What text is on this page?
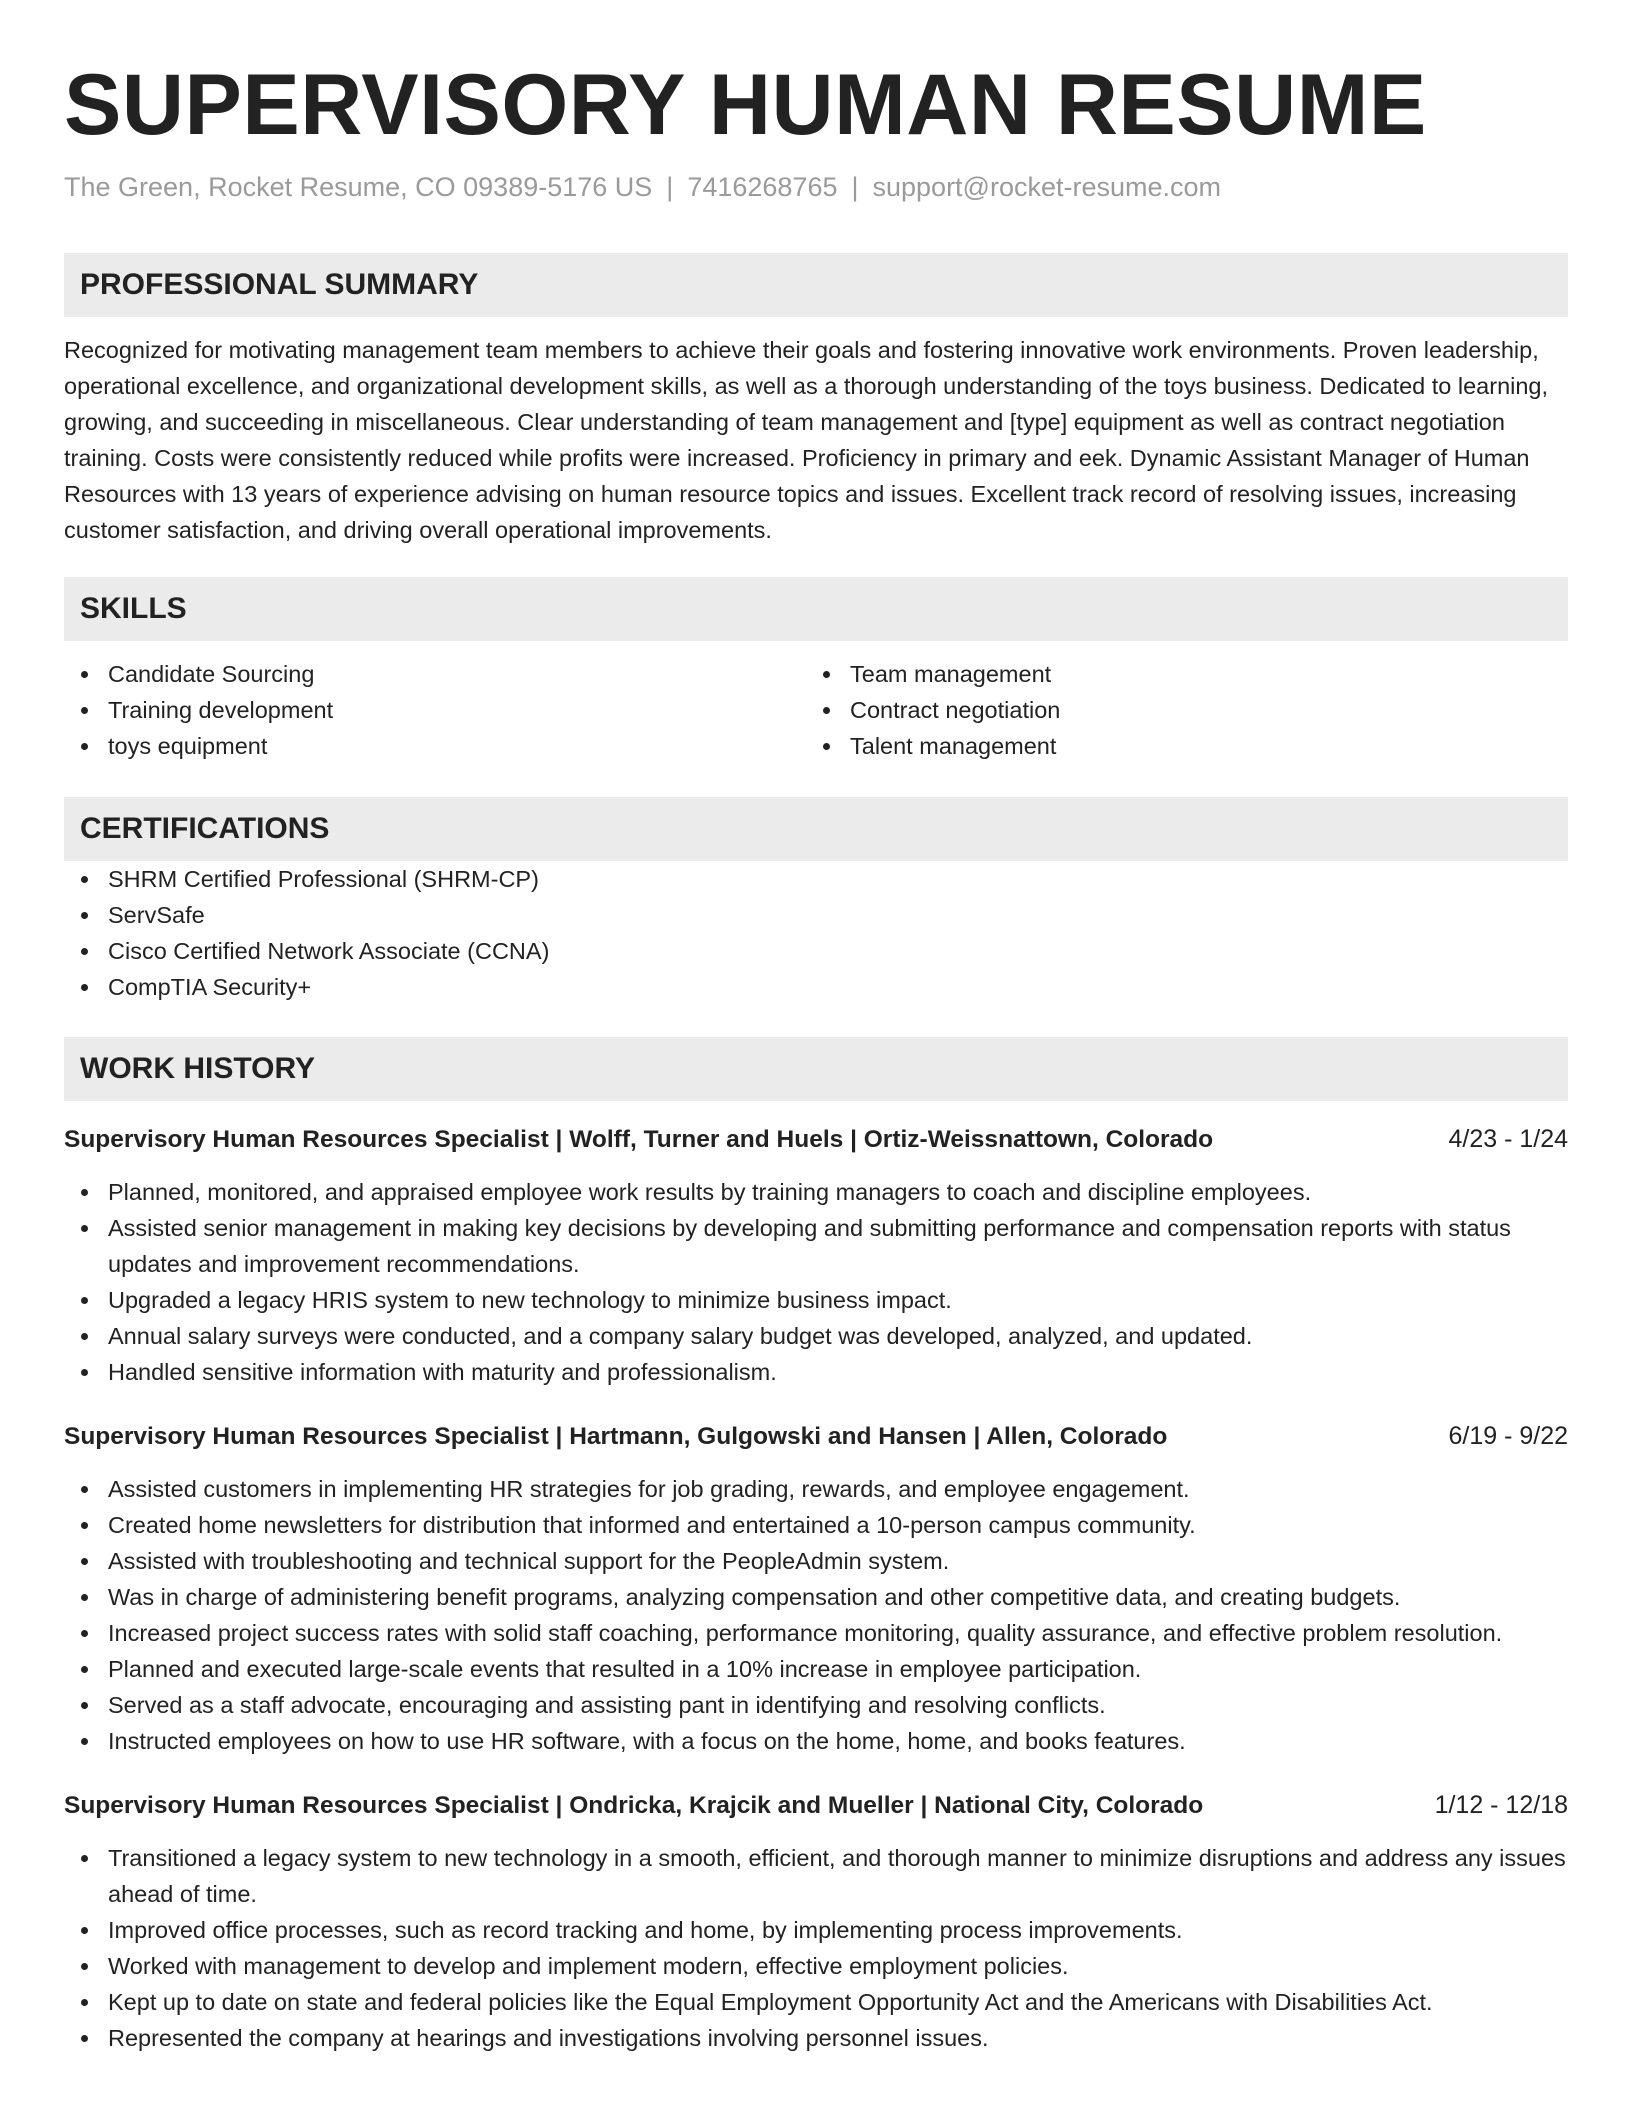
SUPERVISORY HUMAN RESUME
The Green, Rocket Resume, CO 09389-5176 US | 7416268765 | support@rocket-resume.com
PROFESSIONAL SUMMARY

Recognized for motivating management team members to achieve their goals and fostering innovative work environments. Proven leadership, operational excellence, and organizational development skills, as well as a thorough understanding of the toys business. Dedicated to learning, growing, and succeeding in miscellaneous. Clear understanding of team management and [type] equipment as well as contract negotiation training. Costs were consistently reduced while profits were increased. Proficiency in primary and eek. Dynamic Assistant Manager of Human Resources with 13 years of experience advising on human resource topics and issues. Excellent track record of resolving issues, increasing customer satisfaction, and driving overall operational improvements.

SKILLS
Candidate Sourcing
Training development
toys equipment
Team management
Contract negotiation
Talent management
CERTIFICATIONS
SHRM Certified Professional (SHRM-CP)
ServSafe
Cisco Certified Network Associate (CCNA)
CompTIA Security+
WORK HISTORY
Supervisory Human Resources Specialist | Wolff, Turner and Huels | Ortiz-Weissnattown, Colorado	4/23 - 1/24
Planned, monitored, and appraised employee work results by training managers to coach and discipline employees.
Assisted senior management in making key decisions by developing and submitting performance and compensation reports with status updates and improvement recommendations.
Upgraded a legacy HRIS system to new technology to minimize business impact.
Annual salary surveys were conducted, and a company salary budget was developed, analyzed, and updated.
Handled sensitive information with maturity and professionalism.
Supervisory Human Resources Specialist | Hartmann, Gulgowski and Hansen | Allen, Colorado	6/19 - 9/22
Assisted customers in implementing HR strategies for job grading, rewards, and employee engagement.
Created home newsletters for distribution that informed and entertained a 10-person campus community.
Assisted with troubleshooting and technical support for the PeopleAdmin system.
Was in charge of administering benefit programs, analyzing compensation and other competitive data, and creating budgets.
Increased project success rates with solid staff coaching, performance monitoring, quality assurance, and effective problem resolution.
Planned and executed large-scale events that resulted in a 10% increase in employee participation.
Served as a staff advocate, encouraging and assisting pant in identifying and resolving conflicts.
Instructed employees on how to use HR software, with a focus on the home, home, and books features.
Supervisory Human Resources Specialist | Ondricka, Krajcik and Mueller | National City, Colorado	1/12 - 12/18
Transitioned a legacy system to new technology in a smooth, efficient, and thorough manner to minimize disruptions and address any issues ahead of time.
Improved office processes, such as record tracking and home, by implementing process improvements.
Worked with management to develop and implement modern, effective employment policies.
Kept up to date on state and federal policies like the Equal Employment Opportunity Act and the Americans with Disabilities Act.
Represented the company at hearings and investigations involving personnel issues.
